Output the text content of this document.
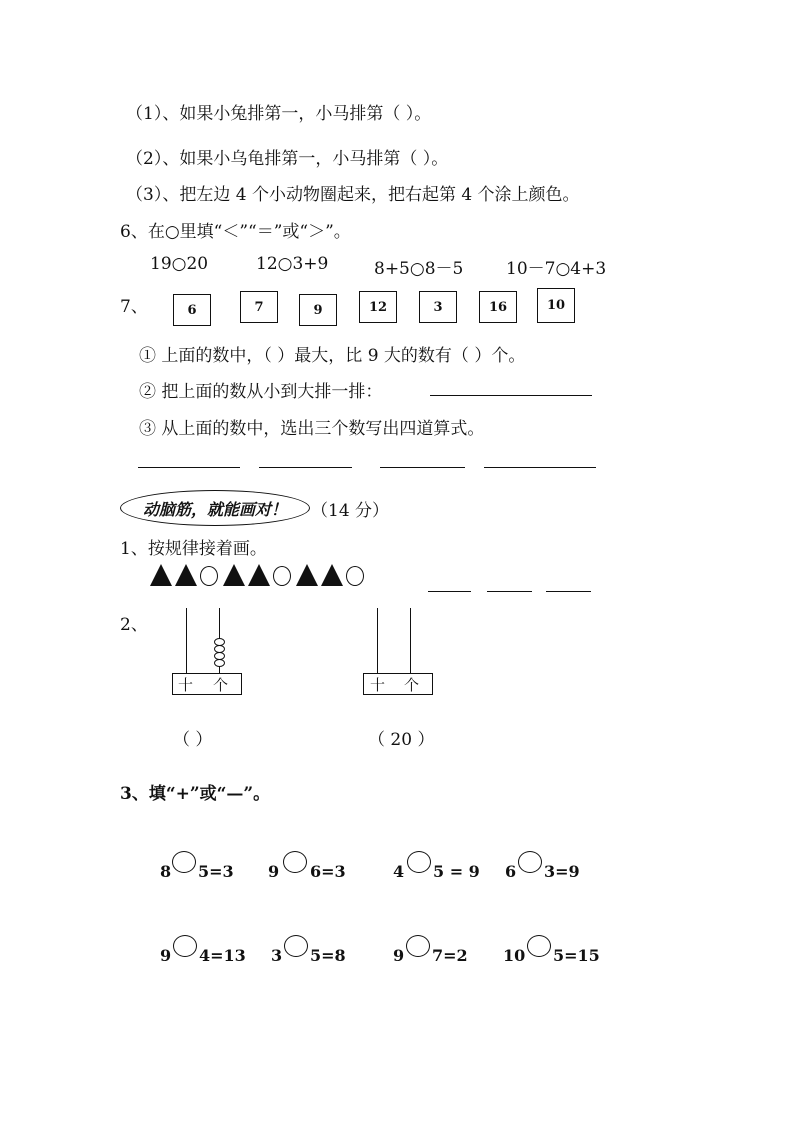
（1）、如果小兔排第一，小马排第（ ）。
（2）、如果小乌龟排第一，小马排第（ ）。
（3）、把左边 4 个小动物圈起来，把右起第 4 个涂上颜色。
6、在○里填“＜”“＝”或“＞”。
19○20	12○3+9	8+5○8－5	10－7○4+3
7、	6	7	9	12	3	16	10
① 上面的数中，（ ）最大，比 9 大的数有（ ）个。
② 把上面的数从小到大排一排：
③ 从上面的数中，选出三个数写出四道算式。
动脑筋，就能画对！ （14 分）
1、按规律接着画。
2、
十 个
（ ）
十 个
（ 20 ）
3、填“+”或“—”。
8 5=3 9 6=3	4 5 = 9 6 3=9
9 4=13 3 5=8	9 7=2 10 5=15
